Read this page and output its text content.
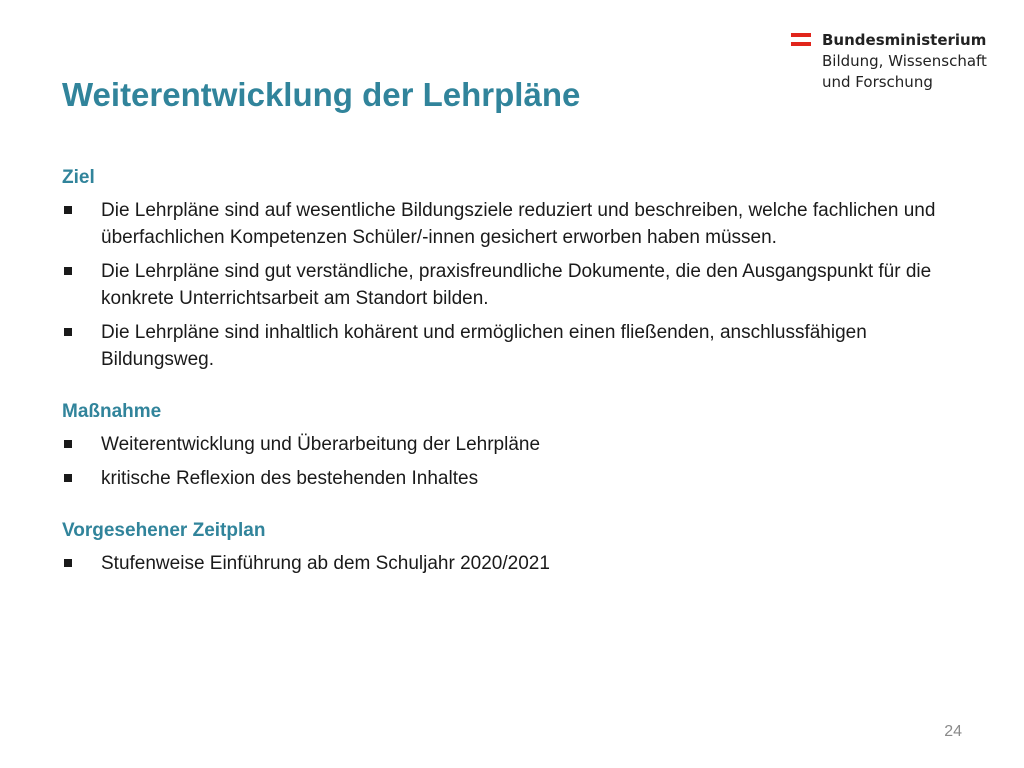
Bundesministerium
Bildung, Wissenschaft
und Forschung
Weiterentwicklung der Lehrpläne
Ziel
Die Lehrpläne sind auf wesentliche Bildungsziele reduziert und beschreiben, welche fachlichen und überfachlichen Kompetenzen Schüler/-innen gesichert erworben haben müssen.
Die Lehrpläne sind gut verständliche, praxisfreundliche Dokumente, die den Ausgangspunkt für die konkrete Unterrichtsarbeit am Standort bilden.
Die Lehrpläne sind inhaltlich kohärent und ermöglichen einen fließenden, anschlussfähigen Bildungsweg.
Maßnahme
Weiterentwicklung und Überarbeitung der Lehrpläne
kritische Reflexion des bestehenden Inhaltes
Vorgesehener Zeitplan
Stufenweise Einführung ab dem Schuljahr 2020/2021
24
